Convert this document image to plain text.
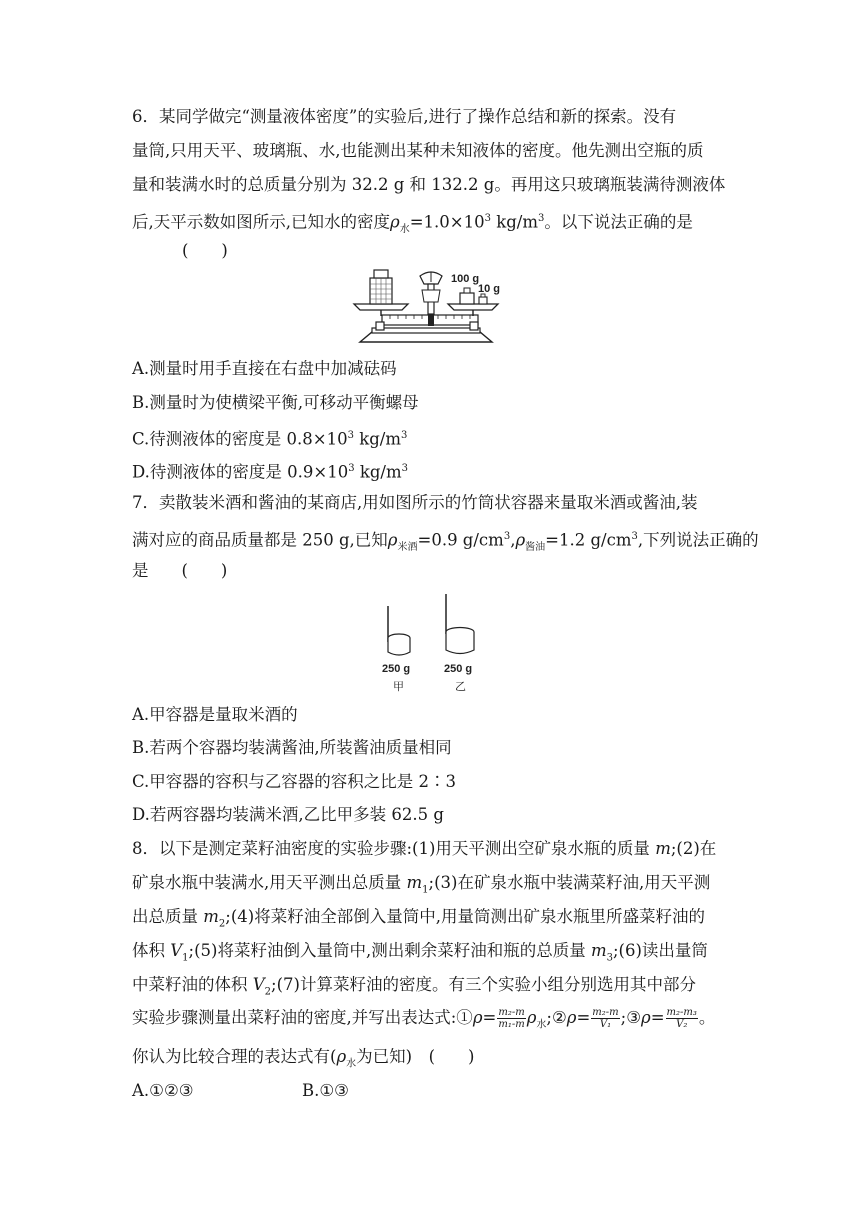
6．某同学做完“测量液体密度”的实验后,进行了操作总结和新的探索。没有
量筒,只用天平、玻璃瓶、水,也能测出某种未知液体的密度。他先测出空瓶的质
量和装满水时的总质量分别为 32.2 g 和 132.2 g。再用这只玻璃瓶装满待测液体
后,天平示数如图所示,已知水的密度$\rho_水=1.0\times 10^3$ $kg/m^3$。以下说法正确的是
(　　)
100 g
10 g
A.测量时用手直接在右盘中加减砝码
B.测量时为使横梁平衡,可移动平衡螺母
C.待测液体的密度是 $0.8\times 10^3$ $kg/m^3$
D.待测液体的密度是 $0.9\times 10^3$ $kg/m^3$
7．卖散装米酒和酱油的某商店,用如图所示的竹筒状容器来量取米酒或酱油,装
满对应的商品质量都是 250 g,已知$\rho_{米酒}=0.9$ $g/cm^3,\rho_{酱油}=1.2$ $g/cm^3$,下列说法正确的
是　　(　　)
250 g	250 g
甲	乙
A.甲容器是量取米酒的
B.若两个容器均装满酱油,所装酱油质量相同
C.甲容器的容积与乙容器的容积之比是 2∶3
D.若两容器均装满米酒,乙比甲多装 62.5 g
8．以下是测定菜籽油密度的实验步骤:(1)用天平测出空矿泉水瓶的质量 m;(2)在
矿泉水瓶中装满水,用天平测出总质量 $m_1;(3)$在矿泉水瓶中装满菜籽油,用天平测
出总质量 $m_2;(4)$将菜籽油全部倒入量筒中,用量筒测出矿泉水瓶里所盛菜籽油的
体积 $V_1;(5)$将菜籽油倒入量筒中,测出剩余菜籽油和瓶的总质量 $m_3;(6)$读出量筒
中菜籽油的体积 $V_2;(7)$计算菜籽油的密度。有三个实验小组分别选用其中部分
实验步骤测量出菜籽油的密度,并写出表达式:①ρ= $\frac{\text{m₂-m}}{\text{m₁-m}}$ $\rho_水;②\rho= \frac{\text{m₂-m}}{\text{V₁}}$ ;③ρ= $\frac{\text{m₂-m₃}}{\text{V₂}}$ 。
你认为比较合理的表达式有($\rho_水$为已知)　(　　)
A.①②③	B.①③
